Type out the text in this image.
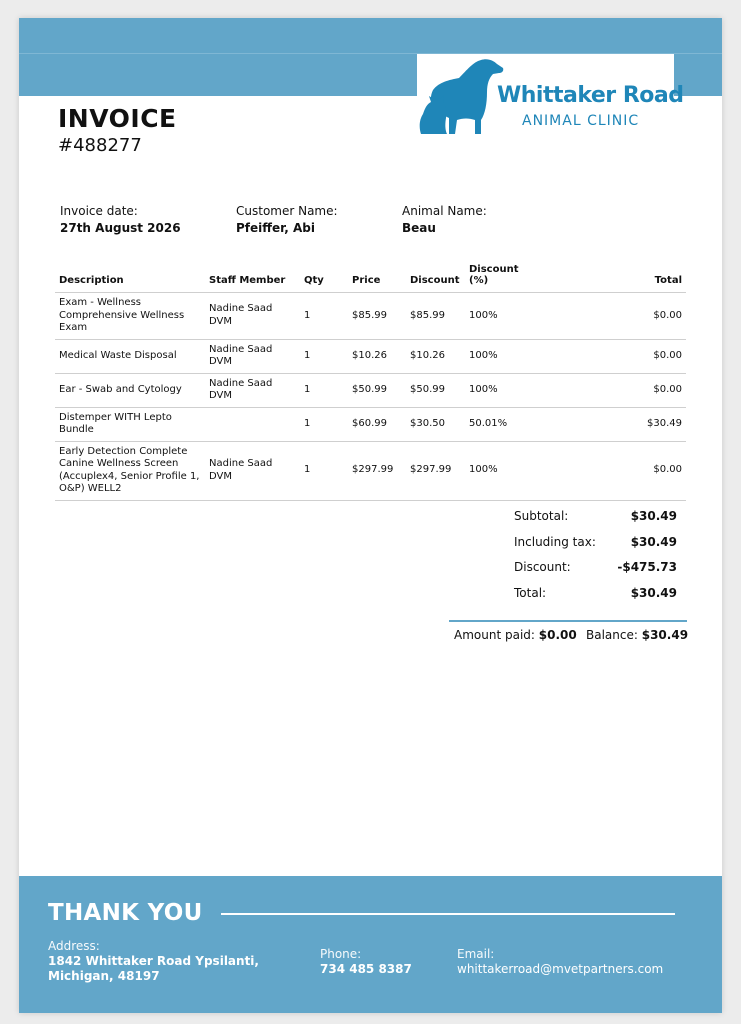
Whittaker Road
ANIMAL CLINIC
INVOICE
#488277
Invoice date:
27th August 2026
Customer Name:
Pfeiffer, Abi
Animal Name:
Beau
Description	Staff Member	Qty	Price	Discount	Discount (%)	Total
Exam - Wellness Comprehensive Wellness Exam	Nadine Saad DVM	1	$85.99	$85.99	100%	$0.00
Medical Waste Disposal	Nadine Saad DVM	1	$10.26	$10.26	100%	$0.00
Ear - Swab and Cytology	Nadine Saad DVM	1	$50.99	$50.99	100%	$0.00
Distemper WITH Lepto Bundle		1	$60.99	$30.50	50.01%	$30.49
Early Detection Complete Canine Wellness Screen (Accuplex4, Senior Profile 1, O&P) WELL2	Nadine Saad DVM	1	$297.99	$297.99	100%	$0.00
Subtotal:	$30.49
Including tax:	$30.49
Discount:	-$475.73
Total:	$30.49
Amount paid: $0.00 Balance: $30.49
THANK YOU
Address:
1842 Whittaker Road Ypsilanti,
Michigan, 48197
Phone:
734 485 8387
Email:
whittakerroad@mvetpartners.com
